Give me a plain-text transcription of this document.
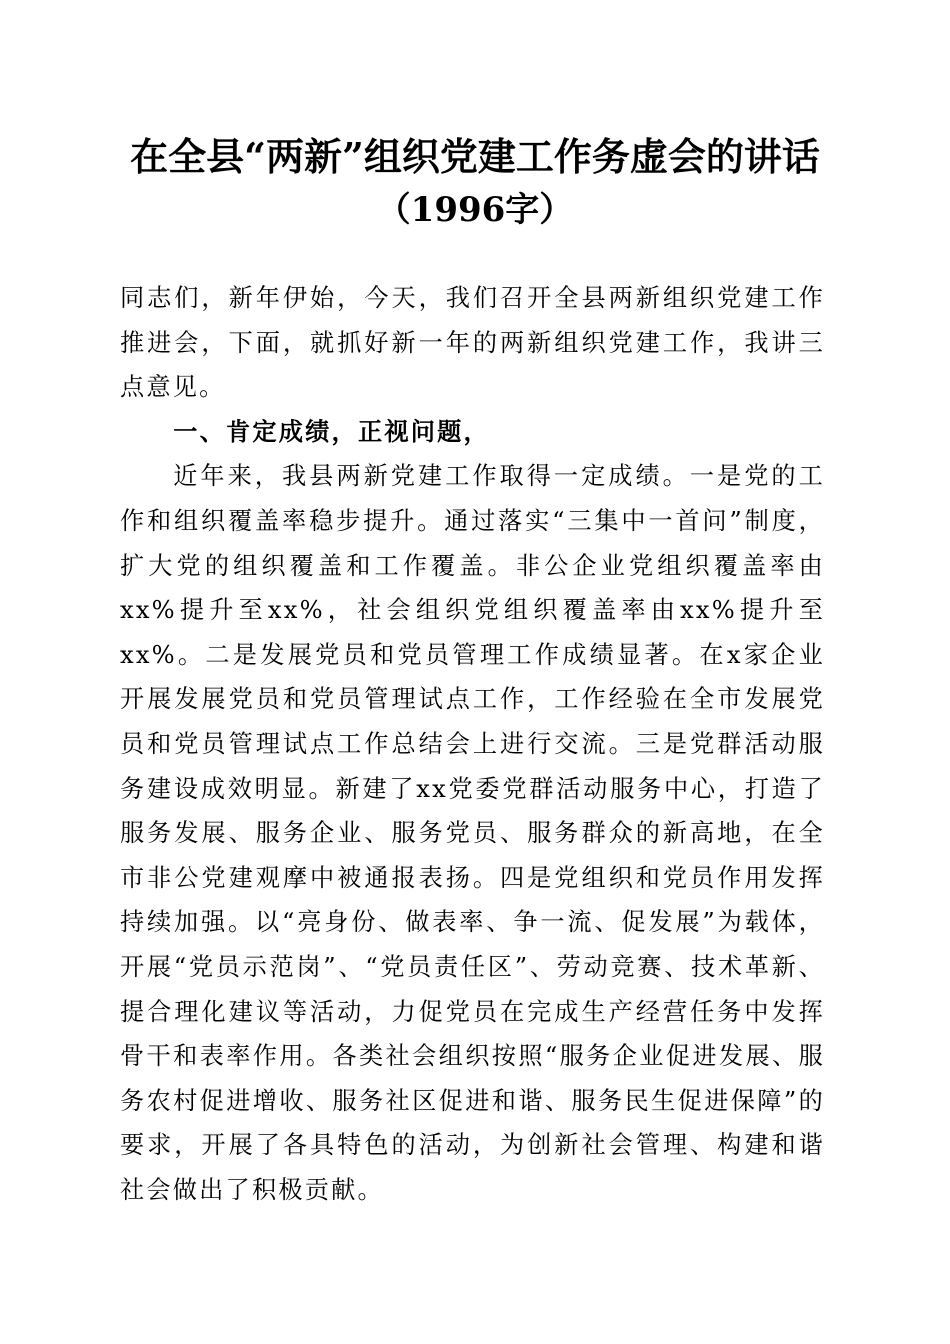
在全县“两新”组织党建工作务虚会的讲话
（1996字）

同志们，新年伊始，今天，我们召开全县两新组织党建工作推进会，下面，就抓好新一年的两新组织党建工作，我讲三点意见。

一、肯定成绩，正视问题，

近年来，我县两新党建工作取得一定成绩。一是党的工作和组织覆盖率稳步提升。通过落实“三集中一首问”制度，扩大党的组织覆盖和工作覆盖。非公企业党组织覆盖率由xx%提升至xx%，社会组织党组织覆盖率由xx%提升至xx%。二是发展党员和党员管理工作成绩显著。在x家企业开展发展党员和党员管理试点工作，工作经验在全市发展党员和党员管理试点工作总结会上进行交流。三是党群活动服务建设成效明显。新建了xx党委党群活动服务中心，打造了服务发展、服务企业、服务党员、服务群众的新高地，在全市非公党建观摩中被通报表扬。四是党组织和党员作用发挥持续加强。以“亮身份、做表率、争一流、促发展”为载体，开展“党员示范岗”、“党员责任区”、劳动竞赛、技术革新、提合理化建议等活动，力促党员在完成生产经营任务中发挥骨干和表率作用。各类社会组织按照“服务企业促进发展、服务农村促进增收、服务社区促进和谐、服务民生促进保障”的要求，开展了各具特色的活动，为创新社会管理、构建和谐社会做出了积极贡献。
